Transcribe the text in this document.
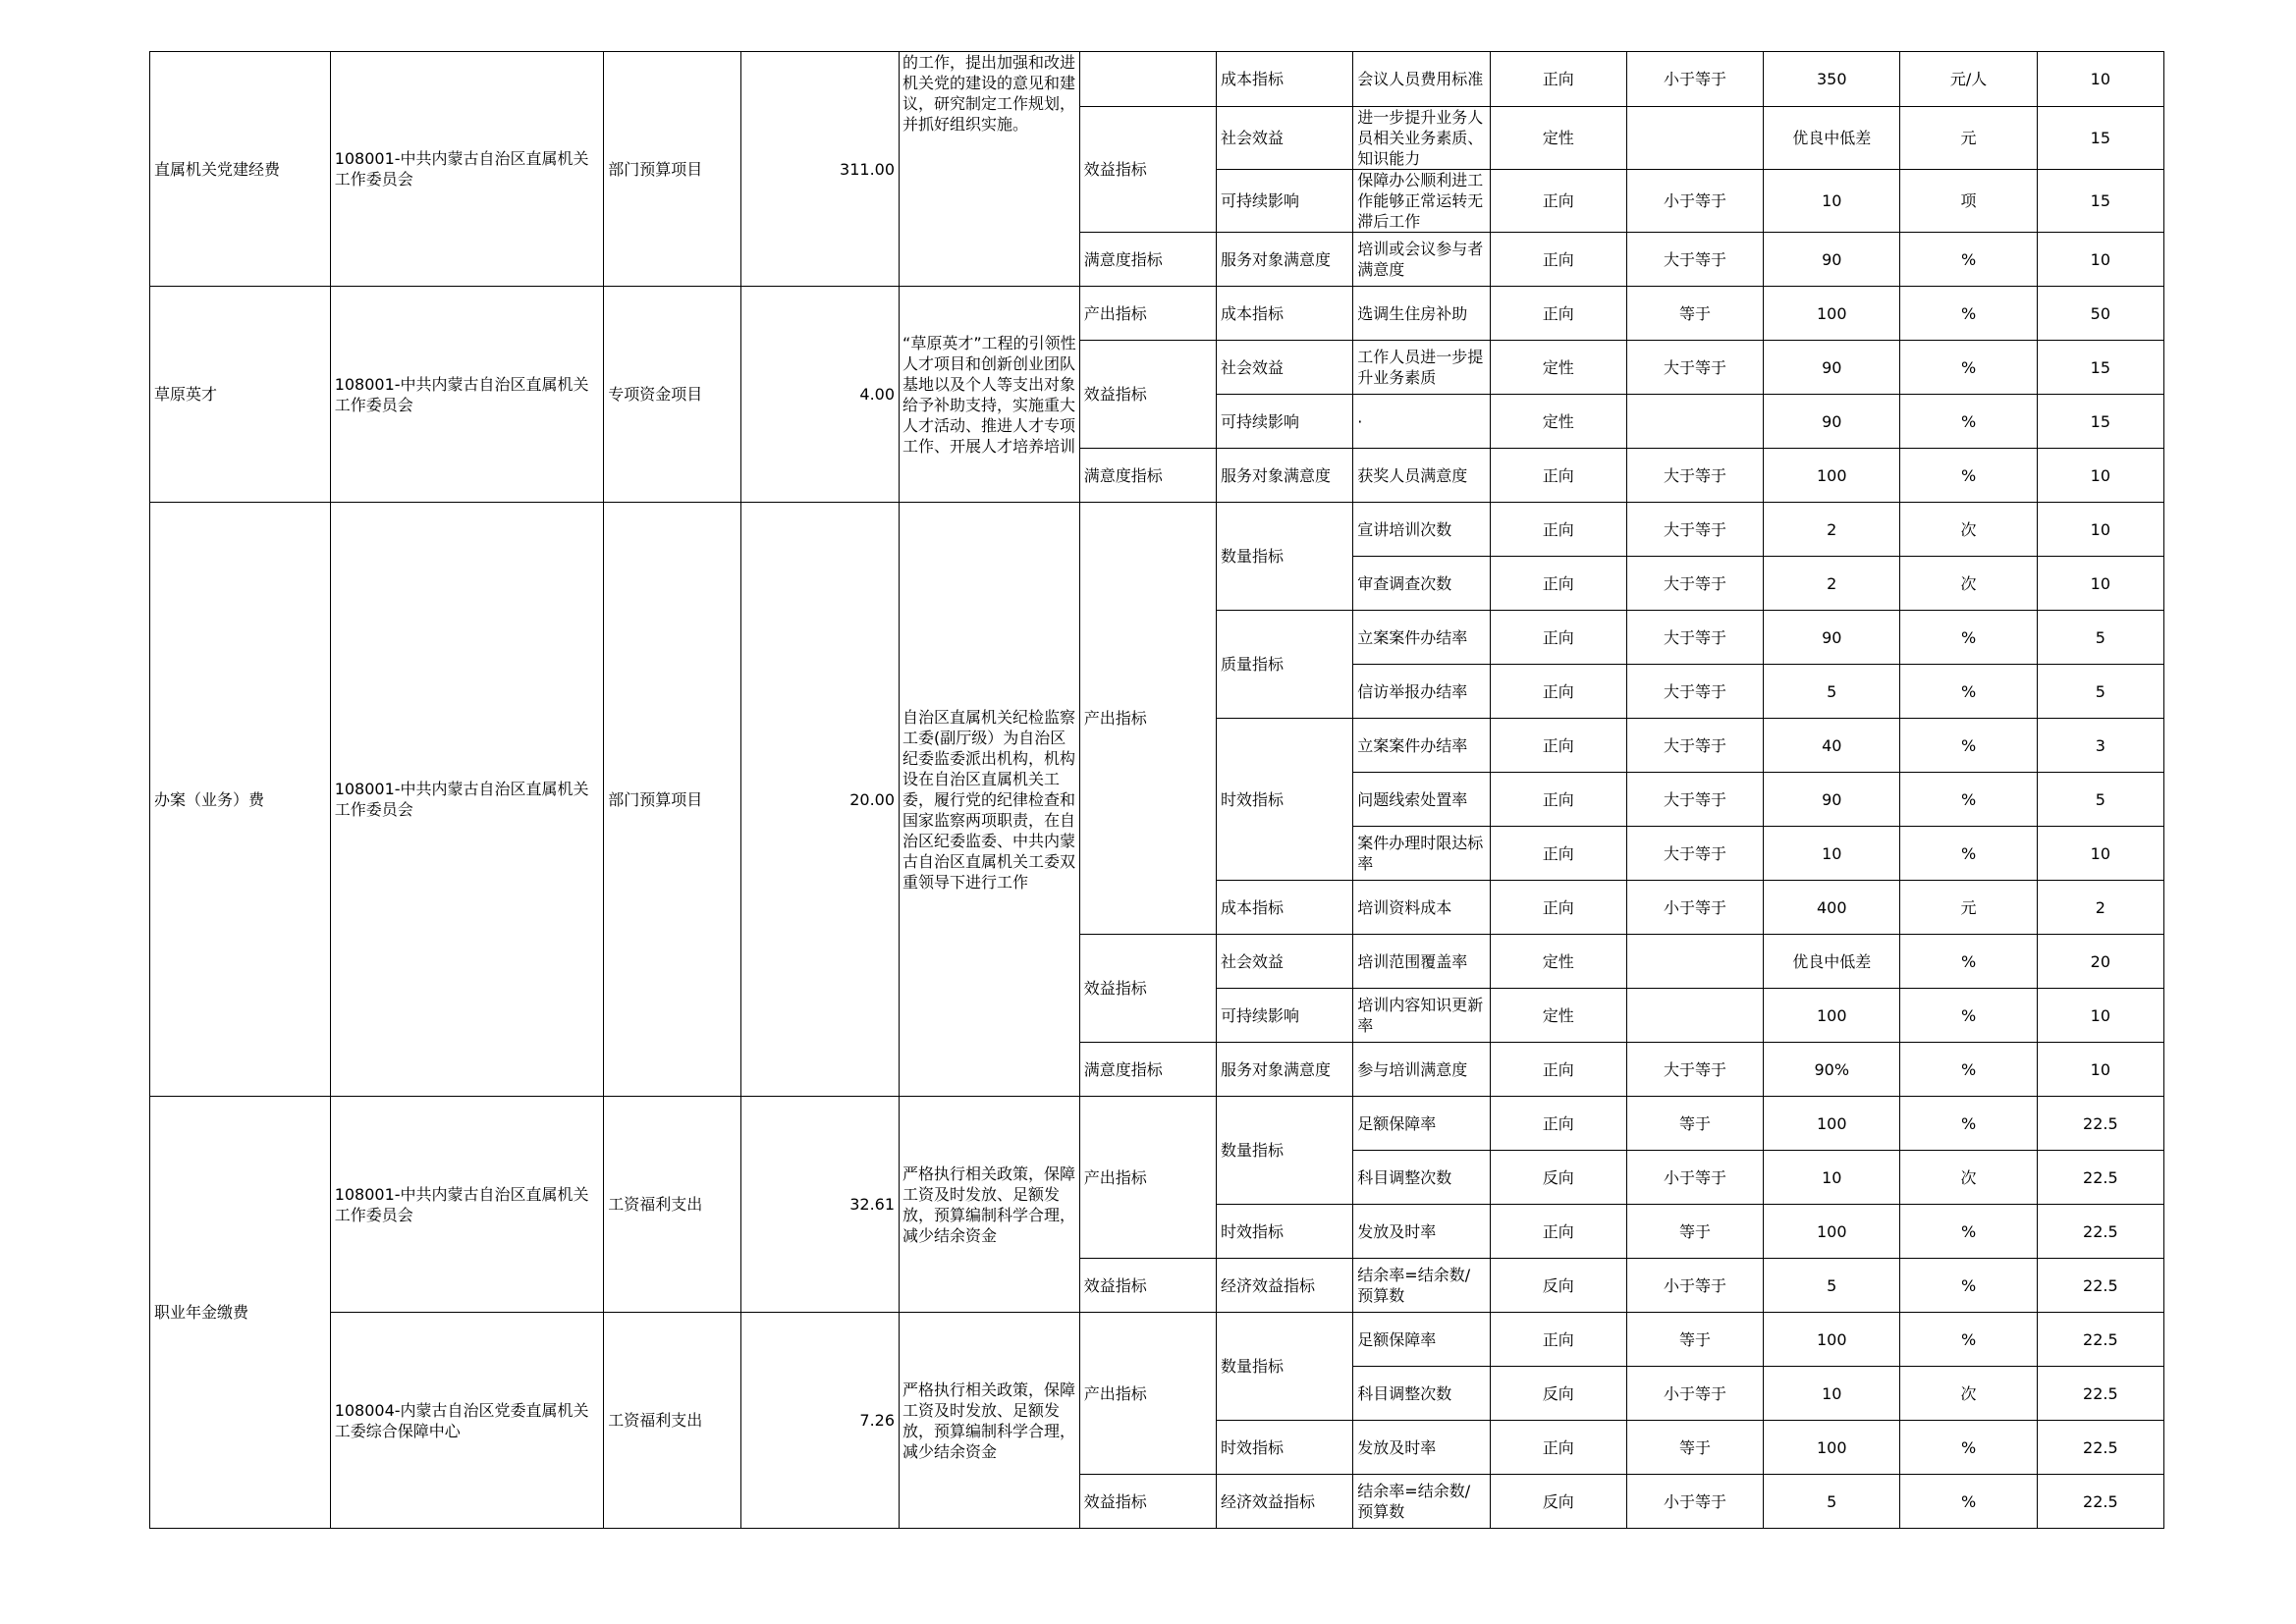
直属机关党建经费	108001-中共内蒙古自治区直属机关工作委员会	部门预算项目	311.00	的工作，提出加强和改进机关党的建设的意见和建议，研究制定工作规划，并抓好组织实施。		成本指标	会议人员费用标准	正向	小于等于	350	元/人	10
					效益指标	社会效益	进一步提升业务人员相关业务素质、知识能力	定性		优良中低差	元	15
						可持续影响	保障办公顺利进工作能够正常运转无滞后工作	正向	小于等于	10	项	15
					满意度指标	服务对象满意度	培训或会议参与者满意度	正向	大于等于	90	%	10
草原英才	108001-中共内蒙古自治区直属机关工作委员会	专项资金项目	4.00	“草原英才”工程的引领性人才项目和创新创业团队基地以及个人等支出对象给予补助支持，实施重大人才活动、推进人才专项工作、开展人才培养培训	产出指标	成本指标	选调生住房补助	正向	等于	100	%	50
					效益指标	社会效益	工作人员进一步提升业务素质	定性	大于等于	90	%	15
						可持续影响	·	定性		90	%	15
					满意度指标	服务对象满意度	获奖人员满意度	正向	大于等于	100	%	10
办案（业务）费	108001-中共内蒙古自治区直属机关工作委员会	部门预算项目	20.00	自治区直属机关纪检监察工委(副厅级）为自治区纪委监委派出机构，机构设在自治区直属机关工委，履行党的纪律检查和国家监察两项职责，在自治区纪委监委、中共内蒙古自治区直属机关工委双重领导下进行工作	产出指标	数量指标	宣讲培训次数	正向	大于等于	2	次	10
							审查调查次数	正向	大于等于	2	次	10
						质量指标	立案案件办结率	正向	大于等于	90	%	5
							信访举报办结率	正向	大于等于	5	%	5
						时效指标	立案案件办结率	正向	大于等于	40	%	3
							问题线索处置率	正向	大于等于	90	%	5
							案件办理时限达标率	正向	大于等于	10	%	10
						成本指标	培训资料成本	正向	小于等于	400	元	2
					效益指标	社会效益	培训范围覆盖率	定性		优良中低差	%	20
						可持续影响	培训内容知识更新率	定性		100	%	10
					满意度指标	服务对象满意度	参与培训满意度	正向	大于等于	90%	%	10
职业年金缴费	108001-中共内蒙古自治区直属机关工作委员会	工资福利支出	32.61	严格执行相关政策，保障工资及时发放、足额发放，预算编制科学合理，减少结余资金	产出指标	数量指标	足额保障率	正向	等于	100	%	22.5
							科目调整次数	反向	小于等于	10	次	22.5
						时效指标	发放及时率	正向	等于	100	%	22.5
					效益指标	经济效益指标	结余率=结余数/预算数	反向	小于等于	5	%	22.5
	108004-内蒙古自治区党委直属机关工委综合保障中心	工资福利支出	7.26	严格执行相关政策，保障工资及时发放、足额发放，预算编制科学合理，减少结余资金	产出指标	数量指标	足额保障率	正向	等于	100	%	22.5
							科目调整次数	反向	小于等于	10	次	22.5
						时效指标	发放及时率	正向	等于	100	%	22.5
					效益指标	经济效益指标	结余率=结余数/预算数	反向	小于等于	5	%	22.5
